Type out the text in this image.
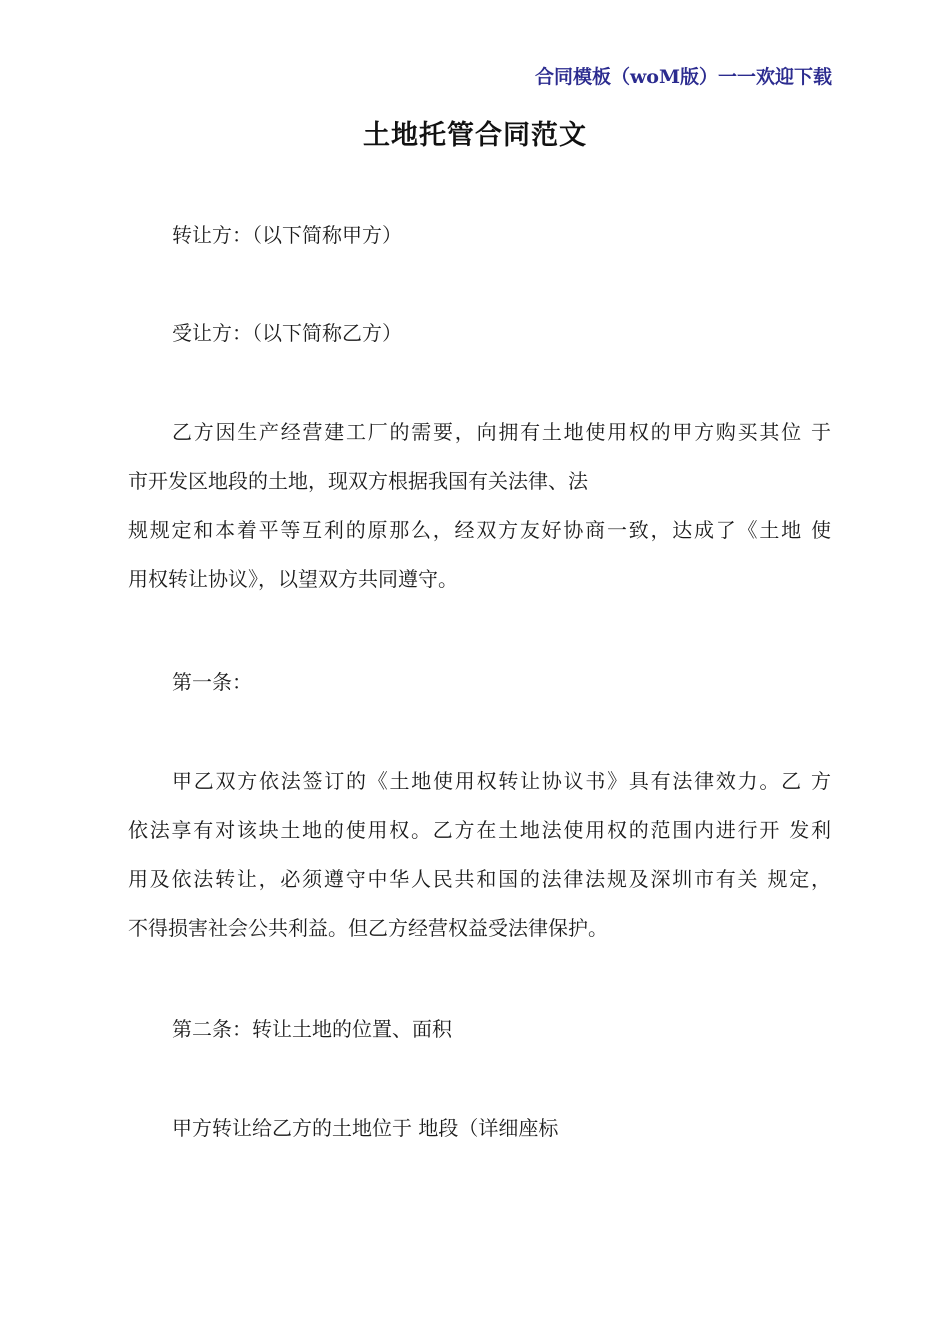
合同模板（woM版）一一欢迎下载
土地托管合同范文
转让方：（以下简称甲方）
受让方：（以下简称乙方）
乙方因生产经营建工厂的需要，向拥有土地使用权的甲方购买其位 于
市开发区地段的土地，现双方根据我国有关法律、法
规规定和本着平等互利的原那么，经双方友好协商一致，达成了《土地 使
用权转让协议》，以望双方共同遵守。
第一条：
甲乙双方依法签订的《土地使用权转让协议书》具有法律效力。乙 方
依法享有对该块土地的使用权。乙方在土地法使用权的范围内进行开 发利
用及依法转让，必须遵守中华人民共和国的法律法规及深圳市有关 规定，
不得损害社会公共利益。但乙方经营权益受法律保护。
第二条：转让土地的位置、面积
甲方转让给乙方的土地位于 地段（详细座标
